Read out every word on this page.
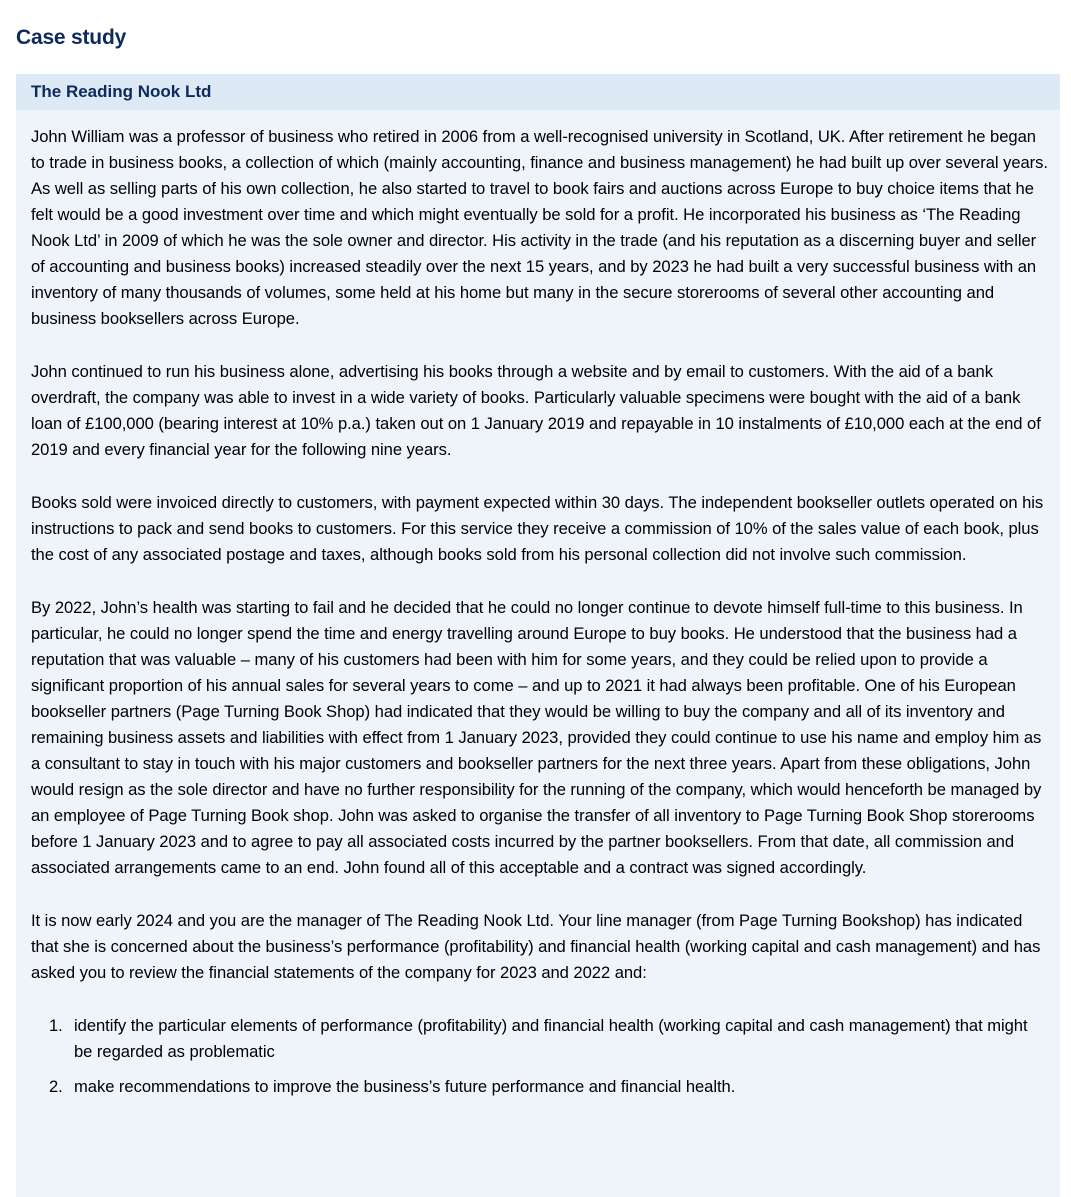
Case study
The Reading Nook Ltd

John William was a professor of business who retired in 2006 from a well-recognised university in Scotland, UK. After retirement he began to trade in business books, a collection of which (mainly accounting, finance and business management) he had built up over several years. As well as selling parts of his own collection, he also started to travel to book fairs and auctions across Europe to buy choice items that he felt would be a good investment over time and which might eventually be sold for a profit. He incorporated his business as ‘The Reading Nook Ltd’ in 2009 of which he was the sole owner and director. His activity in the trade (and his reputation as a discerning buyer and seller of accounting and business books) increased steadily over the next 15 years, and by 2023 he had built a very successful business with an inventory of many thousands of volumes, some held at his home but many in the secure storerooms of several other accounting and business booksellers across Europe.

John continued to run his business alone, advertising his books through a website and by email to customers. With the aid of a bank overdraft, the company was able to invest in a wide variety of books. Particularly valuable specimens were bought with the aid of a bank loan of £100,000 (bearing interest at 10% p.a.) taken out on 1 January 2019 and repayable in 10 instalments of £10,000 each at the end of 2019 and every financial year for the following nine years.

Books sold were invoiced directly to customers, with payment expected within 30 days. The independent bookseller outlets operated on his instructions to pack and send books to customers. For this service they receive a commission of 10% of the sales value of each book, plus the cost of any associated postage and taxes, although books sold from his personal collection did not involve such commission.

By 2022, John’s health was starting to fail and he decided that he could no longer continue to devote himself full-time to this business. In particular, he could no longer spend the time and energy travelling around Europe to buy books. He understood that the business had a reputation that was valuable – many of his customers had been with him for some years, and they could be relied upon to provide a significant proportion of his annual sales for several years to come – and up to 2021 it had always been profitable. One of his European bookseller partners (Page Turning Book Shop) had indicated that they would be willing to buy the company and all of its inventory and remaining business assets and liabilities with effect from 1 January 2023, provided they could continue to use his name and employ him as a consultant to stay in touch with his major customers and bookseller partners for the next three years. Apart from these obligations, John would resign as the sole director and have no further responsibility for the running of the company, which would henceforth be managed by an employee of Page Turning Book shop. John was asked to organise the transfer of all inventory to Page Turning Book Shop storerooms before 1 January 2023 and to agree to pay all associated costs incurred by the partner booksellers. From that date, all commission and associated arrangements came to an end. John found all of this acceptable and a contract was signed accordingly.

It is now early 2024 and you are the manager of The Reading Nook Ltd. Your line manager (from Page Turning Bookshop) has indicated that she is concerned about the business’s performance (profitability) and financial health (working capital and cash management) and has asked you to review the financial statements of the company for 2023 and 2022 and:

1. identify the particular elements of performance (profitability) and financial health (working capital and cash management) that might be regarded as problematic
2. make recommendations to improve the business’s future performance and financial health.
